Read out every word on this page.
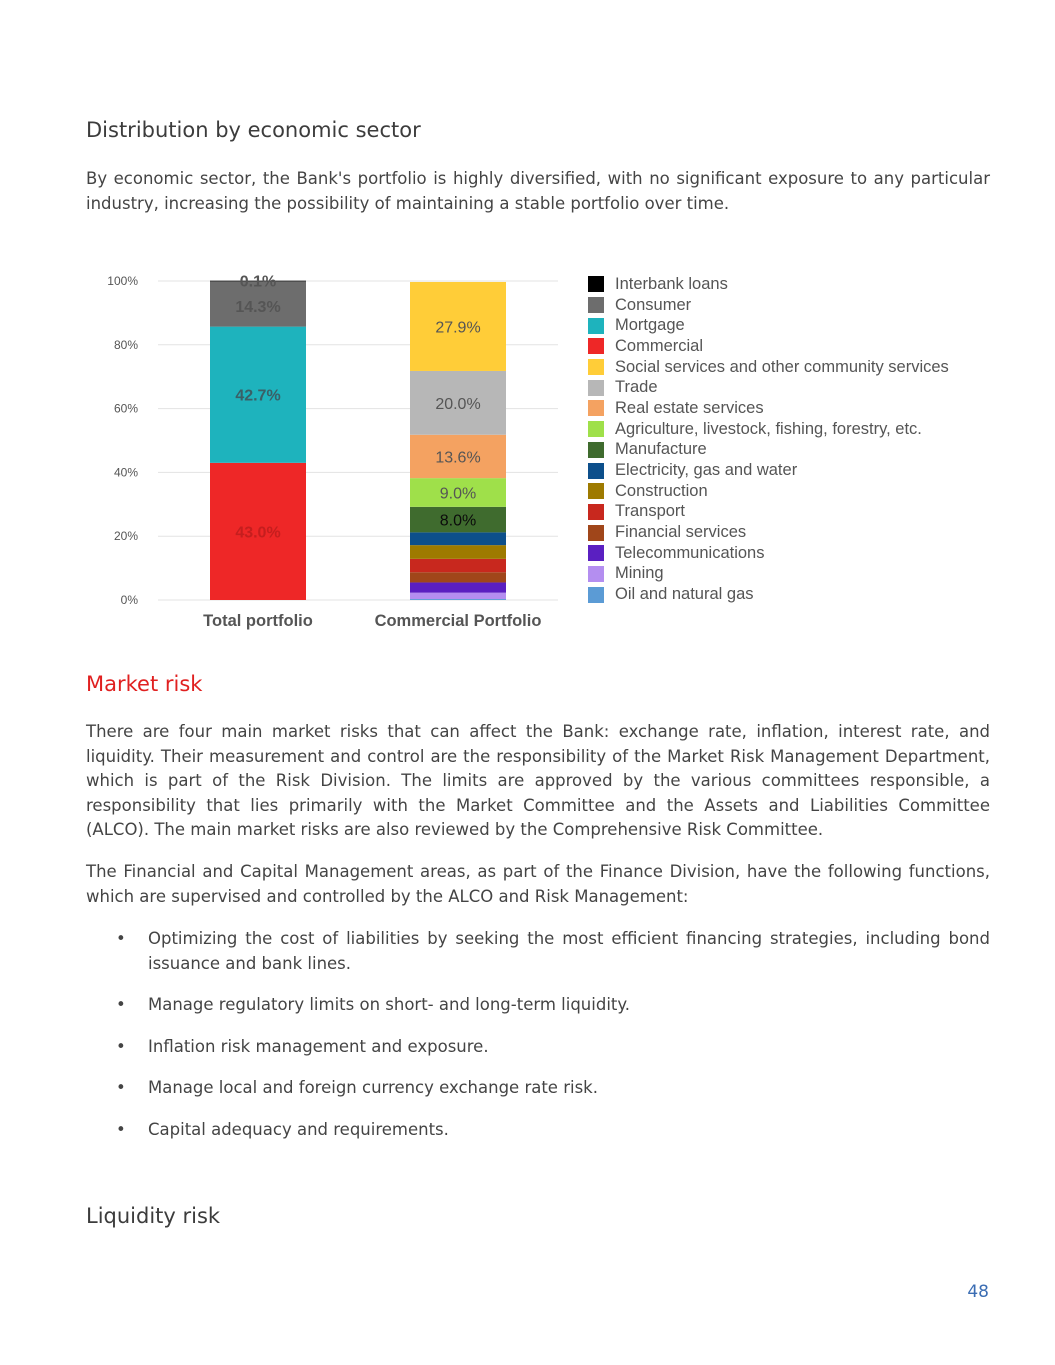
Distribution by economic sector

By economic sector, the Bank's portfolio is highly diversified, with no significant exposure to any particular industry, increasing the possibility of maintaining a stable portfolio over time.

0%
20%
40%
60%
80%
100%
43.0%
42.7%
14.3%
0.1%
Total portfolio
8.0%
9.0%
13.6%
20.0%
27.9%
Commercial Portfolio
Interbank loans
Consumer
Mortgage
Commercial
Social services and other community services
Trade
Real estate services
Agriculture, livestock, fishing, forestry, etc.
Manufacture
Electricity, gas and water
Construction
Transport
Financial services
Telecommunications
Mining
Oil and natural gas
Market risk

There are four main market risks that can affect the Bank: exchange rate, inflation, interest rate, and liquidity. Their measurement and control are the responsibility of the Market Risk Management Department, which is part of the Risk Division. The limits are approved by the various committees responsible, a responsibility that lies primarily with the Market Committee and the Assets and Liabilities Committee (ALCO). The main market risks are also reviewed by the Comprehensive Risk Committee.

The Financial and Capital Management areas, as part of the Finance Division, have the following functions, which are supervised and controlled by the ALCO and Risk Management:

• Optimizing the cost of liabilities by seeking the most efficient financing strategies, including bond issuance and bank lines.
• Manage regulatory limits on short- and long-term liquidity.
• Inflation risk management and exposure.
• Manage local and foreign currency exchange rate risk.
• Capital adequacy and requirements.
Liquidity risk
48
